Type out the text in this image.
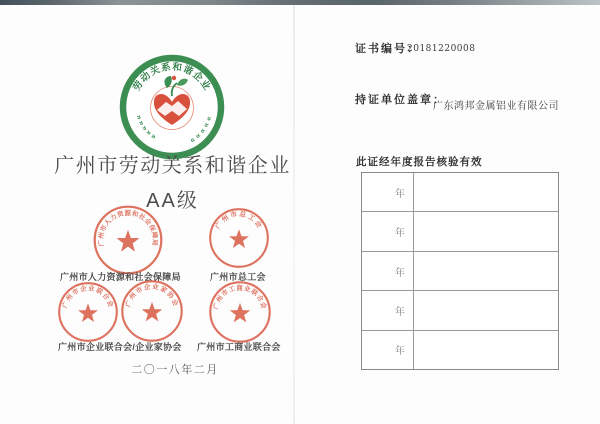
劳动关系和谐企业
»»»»»
»»»»»
广州市劳动关系和谐企业
AA级
广州市人力资源和社会保障局
广州市总工会
广州市人力资源和社会保障局	广州市总工会
广州市企业联合会 广州市企业家协会	广州市工商业联合会
广州市企业联合会/企业家协会 广州市工商业联合会
二〇一八年二月
证书编号：
20181220008
持证单位盖章：
广东鸿邦金属铝业有限公司
此证经年度报告核验有效
年
年
年
年
年
